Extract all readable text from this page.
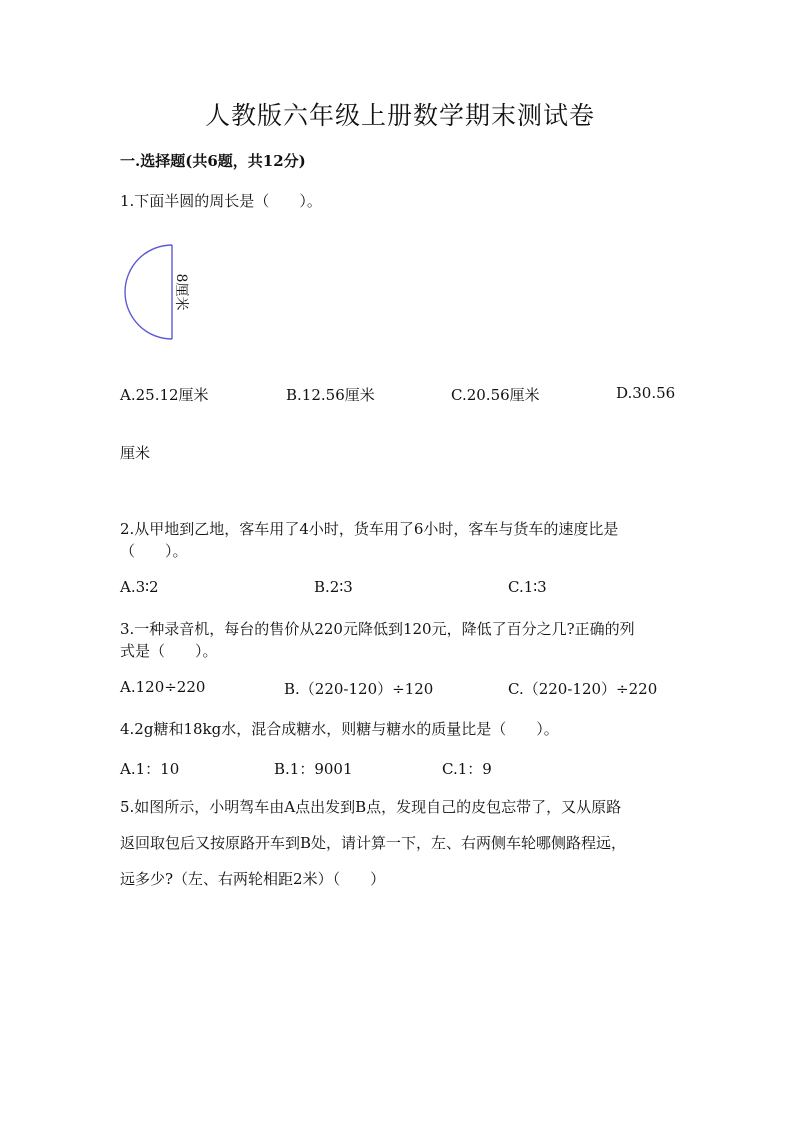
人教版六年级上册数学期末测试卷
一.选择题(共6题，共12分)
1.下面半圆的周长是（　　）。
8厘米
A.25.12厘米	B.12.56厘米	C.20.56厘米	D.30.56
厘米
2.从甲地到乙地，客车用了4小时，货车用了6小时，客车与货车的速度比是
（　　）。
A.3∶2	B.2∶3	C.1∶3
3.一种录音机，每台的售价从220元降低到120元，降低了百分之几?正确的列
式是（　　）。
A.120÷220	B.（220-120）÷120	C.（220-120）÷220
4.2g糖和18kg水，混合成糖水，则糖与糖水的质量比是（　　）。
A.1：10	B.1：9001	C.1：9
5.如图所示，小明驾车由A点出发到B点，发现自己的皮包忘带了，又从原路
返回取包后又按原路开车到B处，请计算一下，左、右两侧车轮哪侧路程远，
远多少?（左、右两轮相距2米）（　　）
